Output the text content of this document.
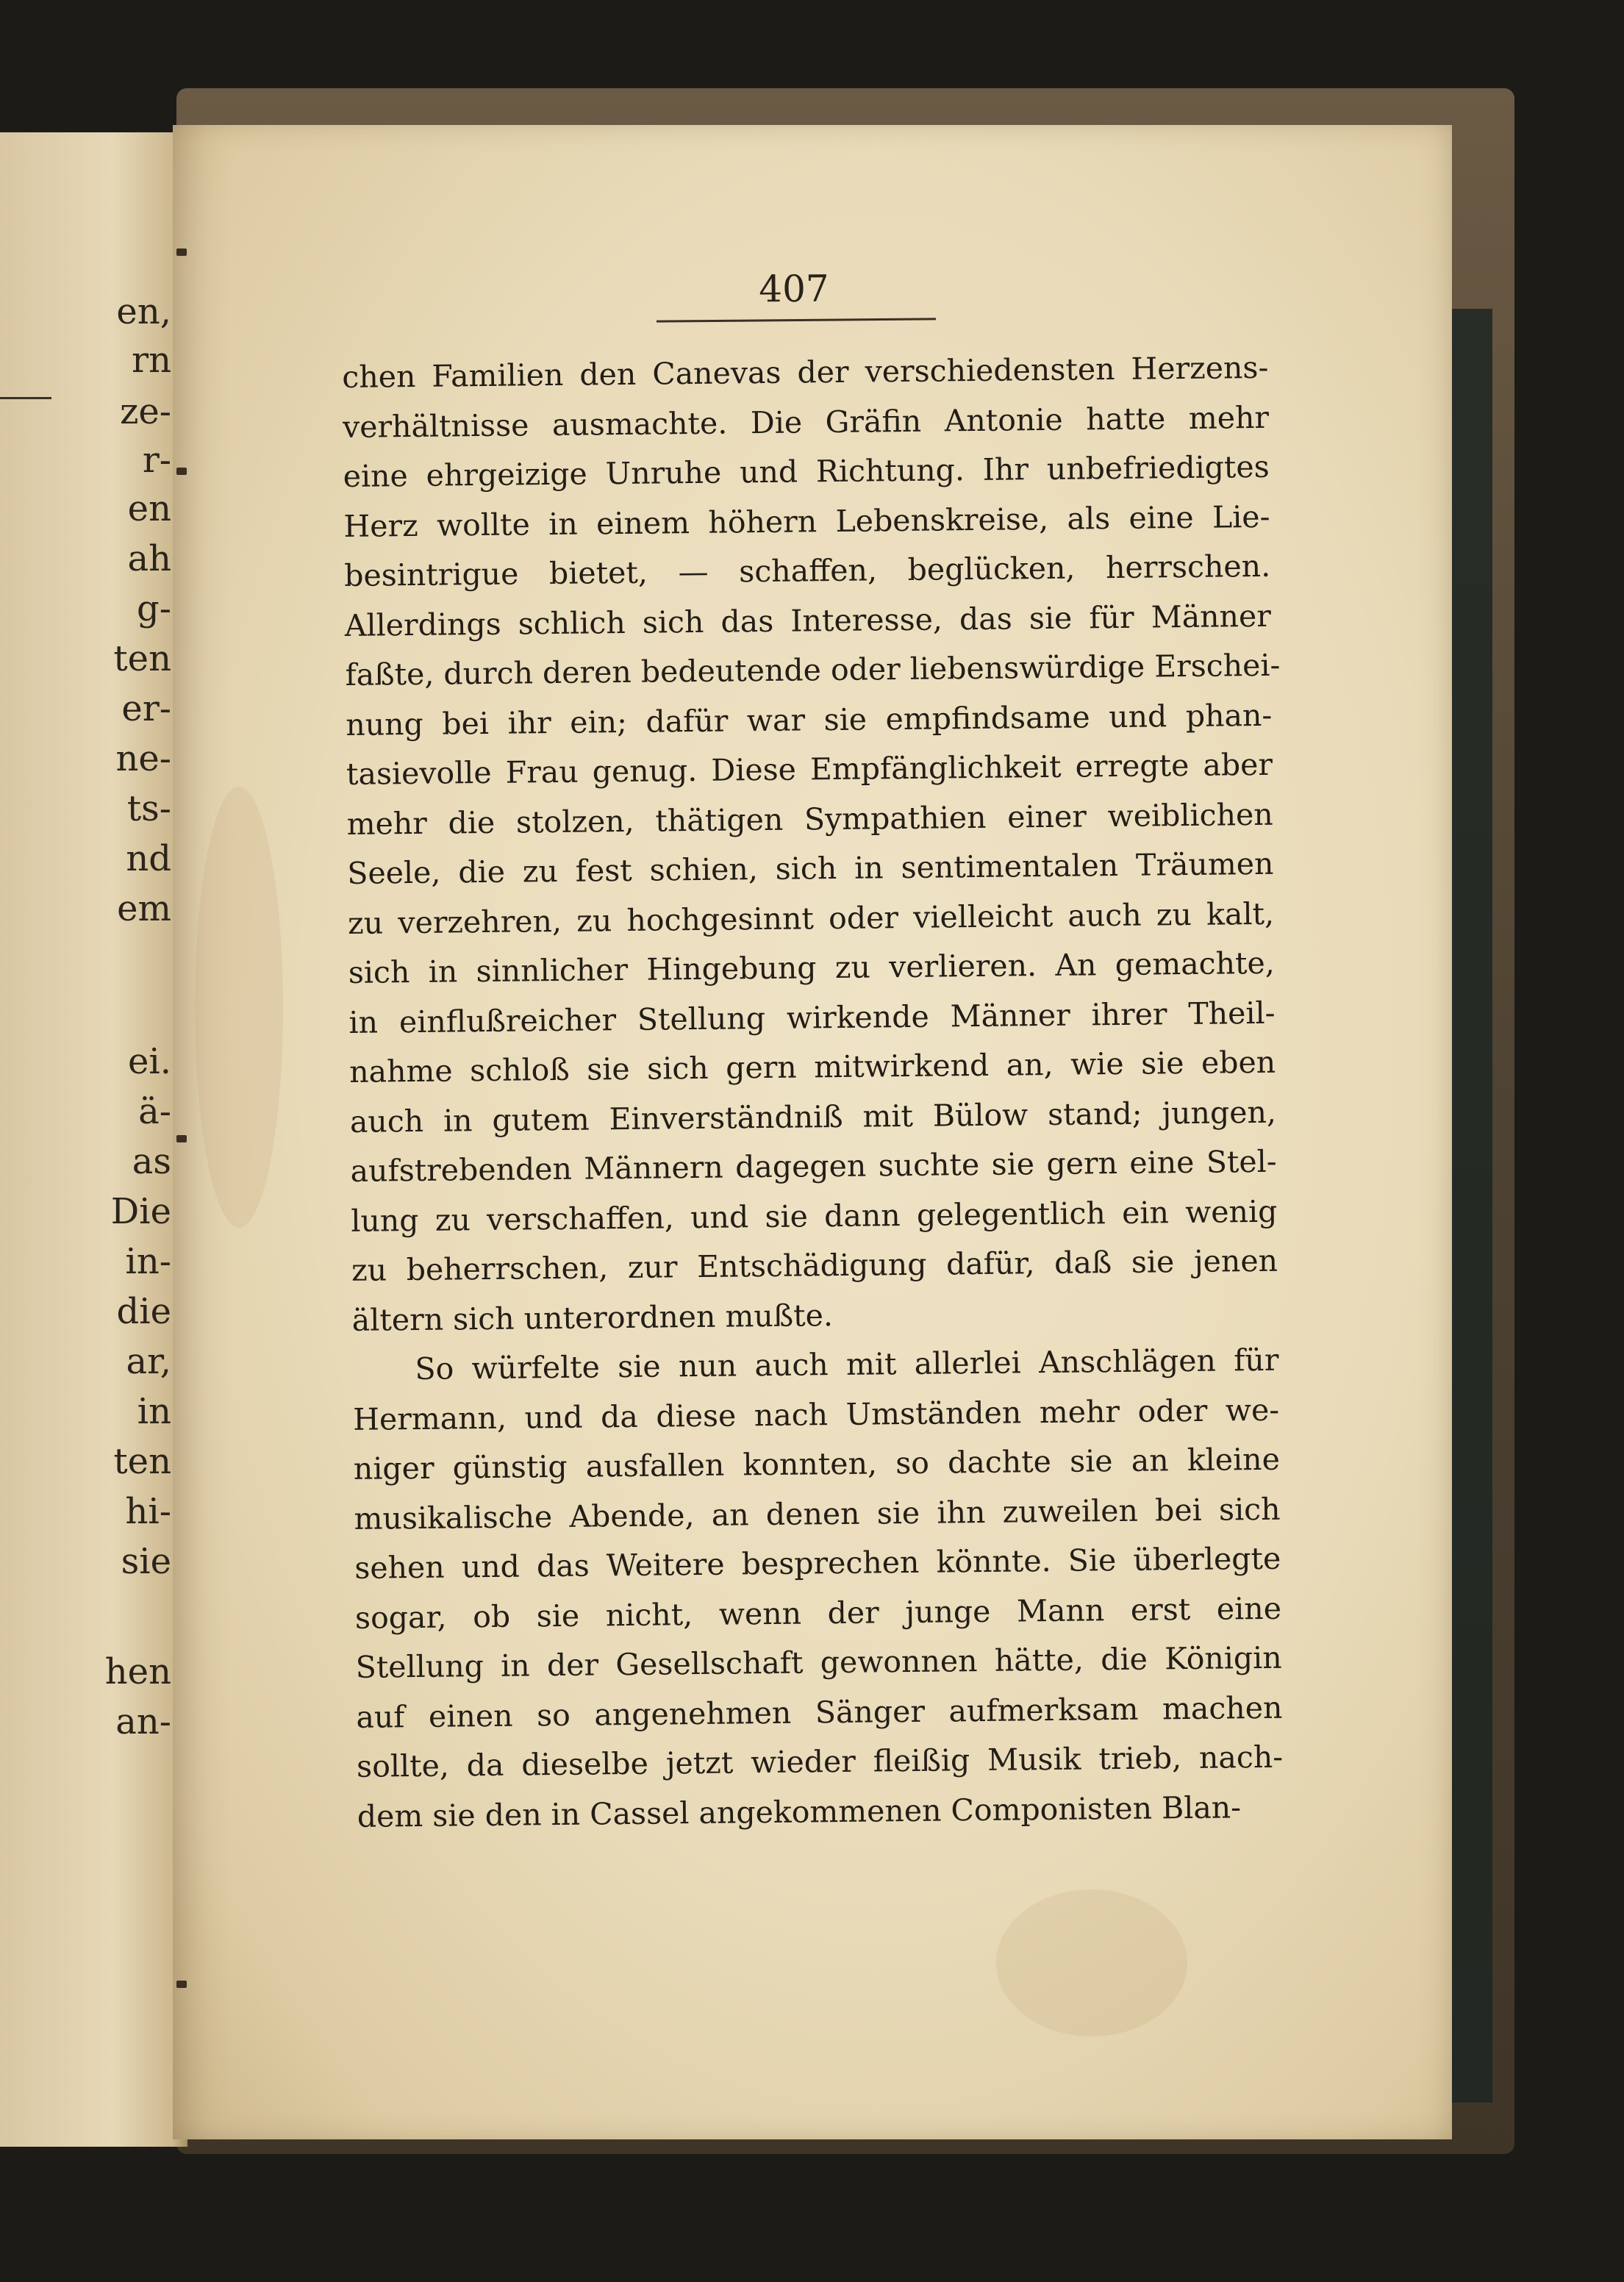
en,
rn
ze-
r-
en
ah
g-
ten
er-
ne-
ts-
nd
em
ei.
ä-
as
Die
in-
die
ar,
in
ten
hi-
sie
hen
an-
407
chen Familien den Canevas der verschiedensten Herzens-
verhältnisse ausmachte. Die Gräfin Antonie hatte mehr
eine ehrgeizige Unruhe und Richtung. Ihr unbefriedigtes
Herz wollte in einem höhern Lebenskreise, als eine Lie-
besintrigue bietet, — schaffen, beglücken, herrschen.
Allerdings schlich sich das Interesse, das sie für Männer
faßte, durch deren bedeutende oder liebenswürdige Erschei-
nung bei ihr ein; dafür war sie empfindsame und phan-
tasievolle Frau genug. Diese Empfänglichkeit erregte aber
mehr die stolzen, thätigen Sympathien einer weiblichen
Seele, die zu fest schien, sich in sentimentalen Träumen
zu verzehren, zu hochgesinnt oder vielleicht auch zu kalt,
sich in sinnlicher Hingebung zu verlieren. An gemachte,
in einflußreicher Stellung wirkende Männer ihrer Theil-
nahme schloß sie sich gern mitwirkend an, wie sie eben
auch in gutem Einverständniß mit Bülow stand; jungen,
aufstrebenden Männern dagegen suchte sie gern eine Stel-
lung zu verschaffen, und sie dann gelegentlich ein wenig
zu beherrschen, zur Entschädigung dafür, daß sie jenen
ältern sich unterordnen mußte.
So würfelte sie nun auch mit allerlei Anschlägen für
Hermann, und da diese nach Umständen mehr oder we-
niger günstig ausfallen konnten, so dachte sie an kleine
musikalische Abende, an denen sie ihn zuweilen bei sich
sehen und das Weitere besprechen könnte. Sie überlegte
sogar, ob sie nicht, wenn der junge Mann erst eine
Stellung in der Gesellschaft gewonnen hätte, die Königin
auf einen so angenehmen Sänger aufmerksam machen
sollte, da dieselbe jetzt wieder fleißig Musik trieb, nach-
dem sie den in Cassel angekommenen Componisten Blan-
